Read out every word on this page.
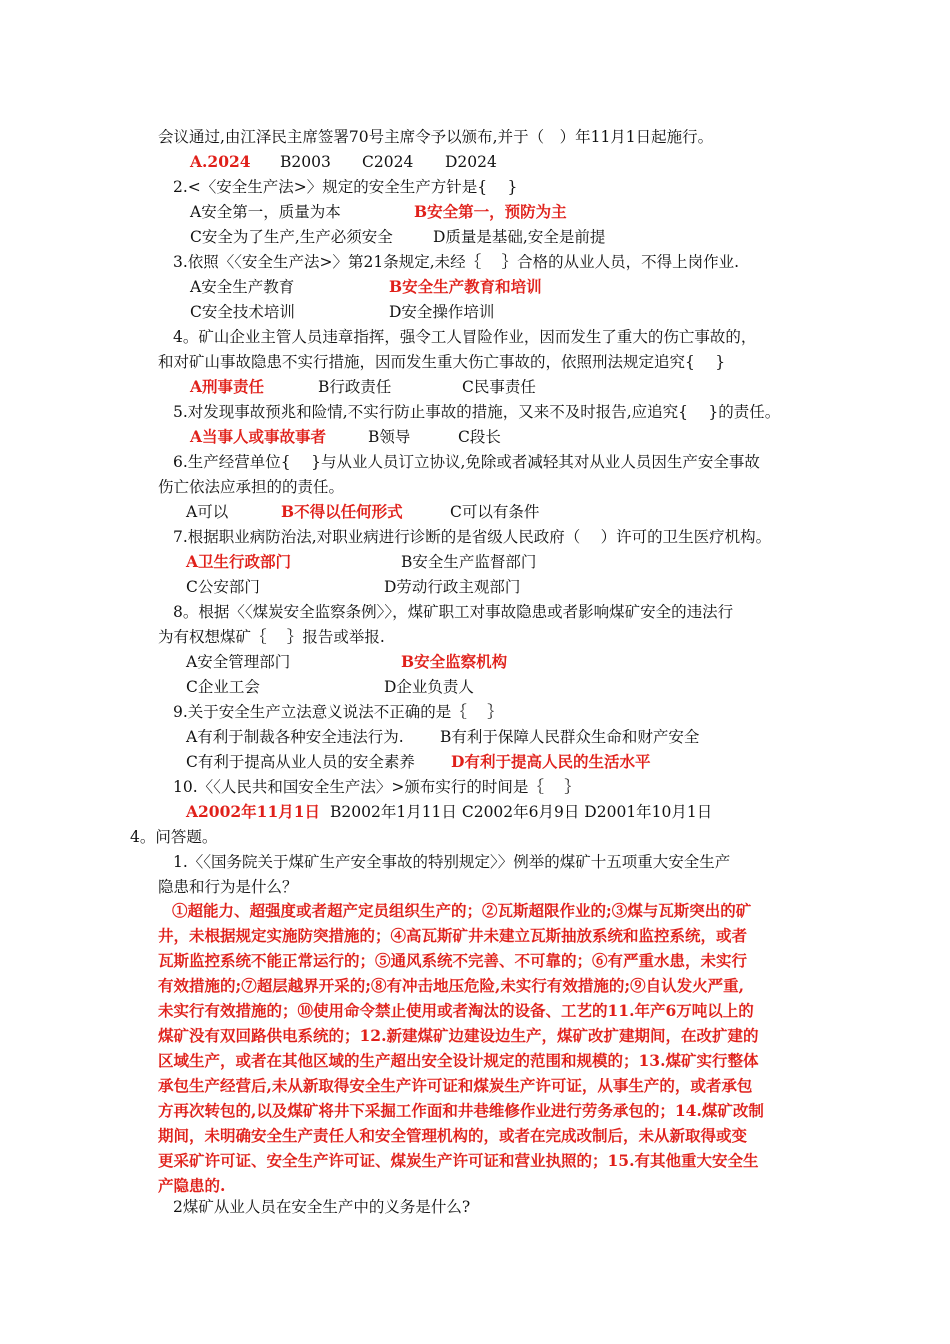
会议通过,由江泽民主席签署70号主席令予以颁布,并于（　）年11月1日起施行。
A.2024 B2003 C2024 D2024
2.<〈安全生产法>〉规定的安全生产方针是{　 }
A安全第一，质量为本	B安全第一，预防为主
C安全为了生产,生产必须安全	D质量是基础,安全是前提
3.依照〈〈安全生产法>〉第21条规定,未经｛　 ｝合格的从业人员，不得上岗作业.
A安全生产教育	B安全生产教育和培训
C安全技术培训	D安全操作培训
4。矿山企业主管人员违章指挥，强令工人冒险作业，因而发生了重大的伤亡事故的，
和对矿山事故隐患不实行措施，因而发生重大伤亡事故的，依照刑法规定追究{　 }
A刑事责任	B行政责任	C民事责任
5.对发现事故预兆和险情,不实行防止事故的措施，又来不及时报告,应追究{　 }的责任。
A当事人或事故事者	B领导	C段长
6.生产经营单位{　 }与从业人员订立协议,免除或者减轻其对从业人员因生产安全事故
伤亡依法应承担的的责任。
A可以	B不得以任何形式	C可以有条件
7.根据职业病防治法,对职业病进行诊断的是省级人民政府（　 ）许可的卫生医疗机构。
A卫生行政部门	B安全生产监督部门
C公安部门	D劳动行政主观部门
8。根据〈〈煤炭安全监察条例〉〉，煤矿职工对事故隐患或者影响煤矿安全的违法行
为有权想煤矿｛　 ｝报告或举报.
A安全管理部门	B安全监察机构
C企业工会	D企业负责人
9.关于安全生产立法意义说法不正确的是｛　 ｝
A有利于制裁各种安全违法行为. B有利于保障人民群众生命和财产安全
C有利于提高从业人员的安全素养 D有利于提高人民的生活水平
10.〈〈人民共和国安全生产法〉>颁布实行的时间是｛　 ｝
A2002年11月1日 B2002年1月11日 C2002年6月9日 D2001年10月1日
4。问答题。
1.〈〈国务院关于煤矿生产安全事故的特别规定〉〉例举的煤矿十五项重大安全生产
隐患和行为是什么？
①超能力、超强度或者超产定员组织生产的；②瓦斯超限作业的;③煤与瓦斯突出的矿
井，未根据规定实施防突措施的；④高瓦斯矿井未建立瓦斯抽放系统和监控系统，或者
瓦斯监控系统不能正常运行的；⑤通风系统不完善、不可靠的；⑥有严重水患，未实行
有效措施的;⑦超层越界开采的;⑧有冲击地压危险,未实行有效措施的;⑨自认发火严重,
未实行有效措施的；⑩使用命令禁止使用或者淘汰的设备、工艺的11.年产6万吨以上的
煤矿没有双回路供电系统的；12.新建煤矿边建设边生产，煤矿改扩建期间，在改扩建的
区域生产，或者在其他区域的生产超出安全设计规定的范围和规模的；13.煤矿实行整体
承包生产经营后,未从新取得安全生产许可证和煤炭生产许可证，从事生产的，或者承包
方再次转包的,以及煤矿将井下采掘工作面和井巷维修作业进行劳务承包的；14.煤矿改制
期间，未明确安全生产责任人和安全管理机构的，或者在完成改制后，未从新取得或变
更采矿许可证、安全生产许可证、煤炭生产许可证和营业执照的；15.有其他重大安全生
产隐患的.
2煤矿从业人员在安全生产中的义务是什么?
